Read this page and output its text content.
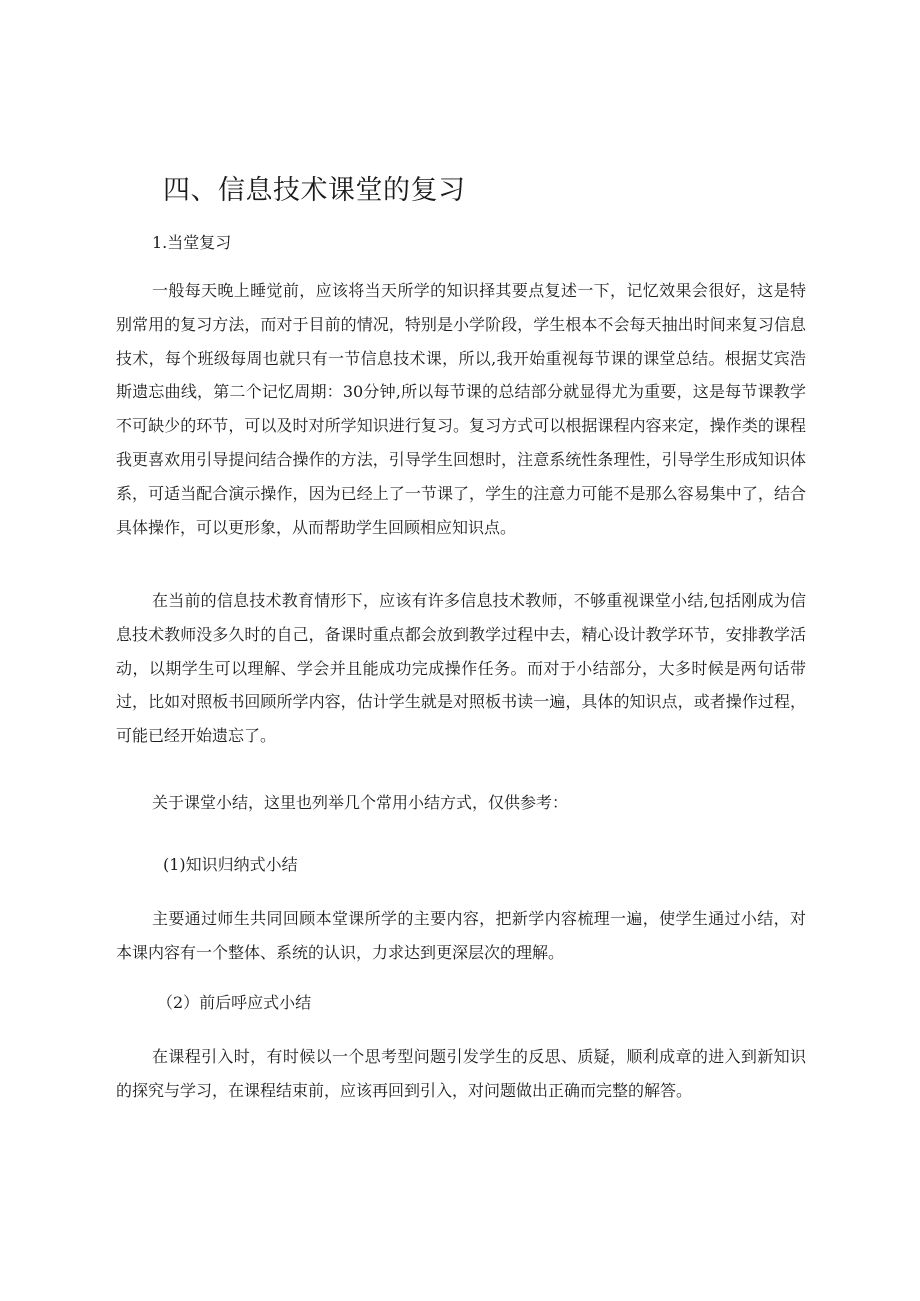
四、信息技术课堂的复习
1.当堂复习

一般每天晚上睡觉前，应该将当天所学的知识择其要点复述一下，记忆效果会很好，这是特别常用的复习方法，而对于目前的情况，特别是小学阶段，学生根本不会每天抽出时间来复习信息技术，每个班级每周也就只有一节信息技术课，所以,我开始重视每节课的课堂总结。根据艾宾浩斯遗忘曲线，第二个记忆周期：30分钟,所以每节课的总结部分就显得尤为重要，这是每节课教学不可缺少的环节，可以及时对所学知识进行复习。复习方式可以根据课程内容来定，操作类的课程我更喜欢用引导提问结合操作的方法，引导学生回想时，注意系统性条理性，引导学生形成知识体系，可适当配合演示操作，因为已经上了一节课了，学生的注意力可能不是那么容易集中了，结合具体操作，可以更形象，从而帮助学生回顾相应知识点。

在当前的信息技术教育情形下，应该有许多信息技术教师，不够重视课堂小结,包括刚成为信息技术教师没多久时的自己，备课时重点都会放到教学过程中去，精心设计教学环节，安排教学活动，以期学生可以理解、学会并且能成功完成操作任务。而对于小结部分，大多时候是两句话带过，比如对照板书回顾所学内容，估计学生就是对照板书读一遍，具体的知识点，或者操作过程，可能已经开始遗忘了。

关于课堂小结，这里也列举几个常用小结方式，仅供参考：

(1)知识归纳式小结

主要通过师生共同回顾本堂课所学的主要内容，把新学内容梳理一遍，使学生通过小结，对本课内容有一个整体、系统的认识，力求达到更深层次的理解。

（2）前后呼应式小结

在课程引入时，有时候以一个思考型问题引发学生的反思、质疑，顺利成章的进入到新知识的探究与学习，在课程结束前，应该再回到引入，对问题做出正确而完整的解答。
